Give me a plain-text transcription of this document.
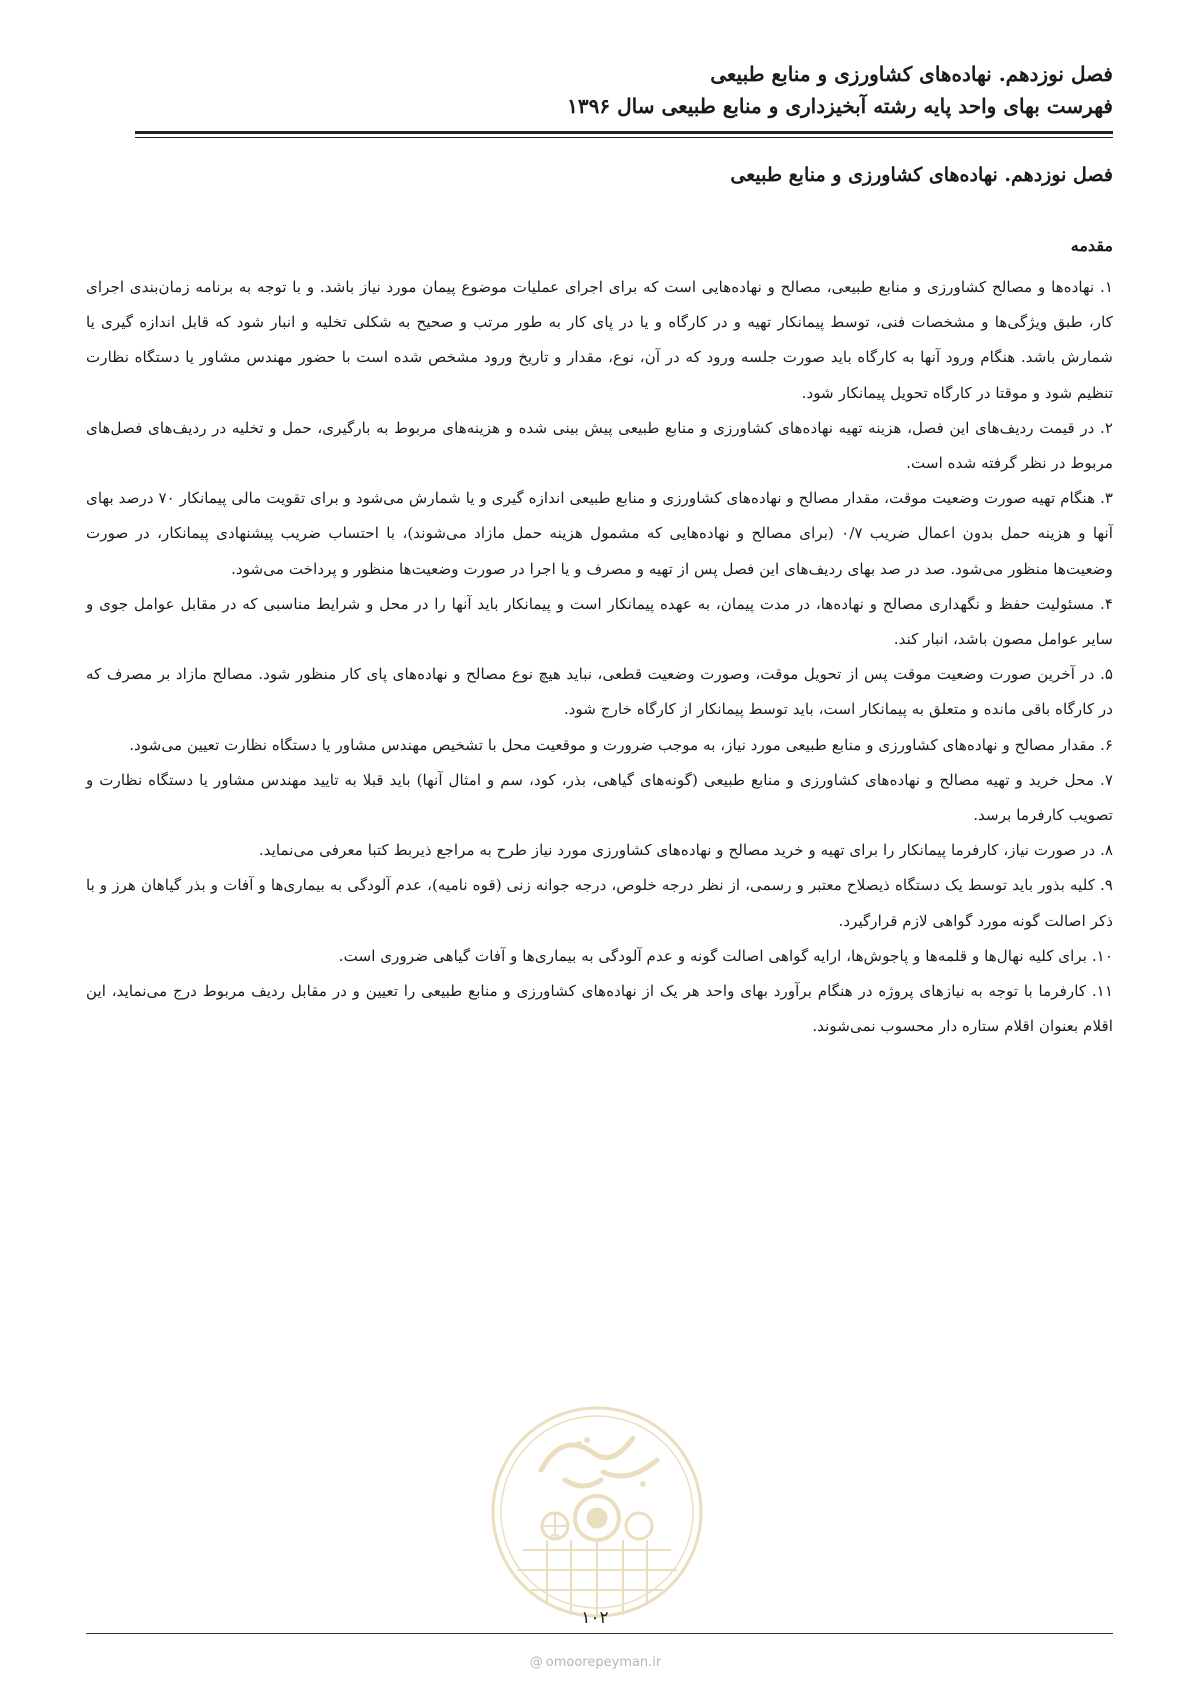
فصل نوزدهم. نهاده‌های کشاورزی و منابع طبیعی
فهرست بهای واحد پایه رشته آبخیزداری و منابع طبیعی سال ۱۳۹۶
فصل نوزدهم. نهاده‌های کشاورزی و منابع طبیعی
مقدمه

۱. نهاده‌ها و مصالح کشاورزی و منابع طبیعی، مصالح و نهاده‌هایی است که برای اجرای عملیات موضوع پیمان مورد نیاز باشد. و با توجه به برنامه زمان‌بندی اجرای کار، طبق ویژگی‌ها و مشخصات فنی، توسط پیمانکار تهیه و در کارگاه و یا در پای کار به طور مرتب و صحیح به شکلی تخلیه و انبار شود که قابل اندازه گیری یا شمارش باشد. هنگام ورود آنها به کارگاه باید صورت جلسه ورود که در آن، نوع، مقدار و تاریخ ورود مشخص شده است با حضور مهندس مشاور یا دستگاه نظارت تنظیم شود و موقتا در کارگاه تحویل پیمانکار شود.

۲. در قیمت ردیف‌های این فصل، هزینه تهیه نهاده‌های کشاورزی و منابع طبیعی پیش بینی شده و هزینه‌های مربوط به بارگیری، حمل و تخلیه در ردیف‌های فصل‌های مربوط در نظر گرفته شده است.

۳. هنگام تهیه صورت وضعیت موقت، مقدار مصالح و نهاده‌های کشاورزی و منابع طبیعی اندازه گیری و یا شمارش می‌شود و برای تقویت مالی پیمانکار ۷۰ درصد بهای آنها و هزینه حمل بدون اعمال ضریب ۰/۷ (برای مصالح و نهاده‌هایی که مشمول هزینه حمل مازاد می‌شوند)، با احتساب ضریب پیشنهادی پیمانکار، در صورت وضعیت‌ها منظور می‌شود. صد در صد بهای ردیف‌های این فصل پس از تهیه و مصرف و یا اجرا در صورت وضعیت‌ها منظور و پرداخت می‌شود.

۴. مسئولیت حفظ و نگهداری مصالح و نهاده‌ها، در مدت پیمان، به عهده پیمانکار است و پیمانکار باید آنها را در محل و شرایط مناسبی که در مقابل عوامل جوی و سایر عوامل مصون باشد، انبار کند.

۵. در آخرین صورت وضعیت موقت پس از تحویل موقت، وصورت وضعیت قطعی، نباید هیچ نوع مصالح و نهاده‌های پای کار منظور شود. مصالح مازاد بر مصرف که در کارگاه باقی مانده و متعلق به پیمانکار است، باید توسط پیمانکار از کارگاه خارج شود.

۶. مقدار مصالح و نهاده‌های کشاورزی و منابع طبیعی مورد نیاز، به موجب ضرورت و موقعیت محل با تشخیص مهندس مشاور یا دستگاه نظارت تعیین می‌شود.

۷. محل خرید و تهیه مصالح و نهاده‌های کشاورزی و منابع طبیعی (گونه‌های گیاهی، بذر، کود، سم و امثال آنها) باید قبلا به تایید مهندس مشاور یا دستگاه نظارت و تصویب کارفرما برسد.

۸. در صورت نیاز، کارفرما پیمانکار را برای تهیه و خرید مصالح و نهاده‌های کشاورزی مورد نیاز طرح به مراجع ذیربط کتبا معرفی می‌نماید.

۹. کلیه بذور باید توسط یک دستگاه ذیصلاح معتبر و رسمی، از نظر درجه خلوص، درجه جوانه زنی (قوه نامیه)، عدم آلودگی به بیماری‌ها و آفات و بذر گیاهان هرز و با ذکر اصالت گونه مورد گواهی لازم قرارگیرد.

۱۰. برای کلیه نهال‌ها و قلمه‌ها و پاجوش‌ها، ارایه گواهی اصالت گونه و عدم آلودگی به بیماری‌ها و آفات گیاهی ضروری است.

۱۱. کارفرما با توجه به نیازهای پروژه در هنگام برآورد بهای واحد هر یک از نهاده‌های کشاورزی و منابع طبیعی را تعیین و در مقابل ردیف مربوط درج می‌نماید، این اقلام بعنوان اقلام ستاره دار محسوب نمی‌شوند.

۱۰۲
@ omoorepeyman.ir
